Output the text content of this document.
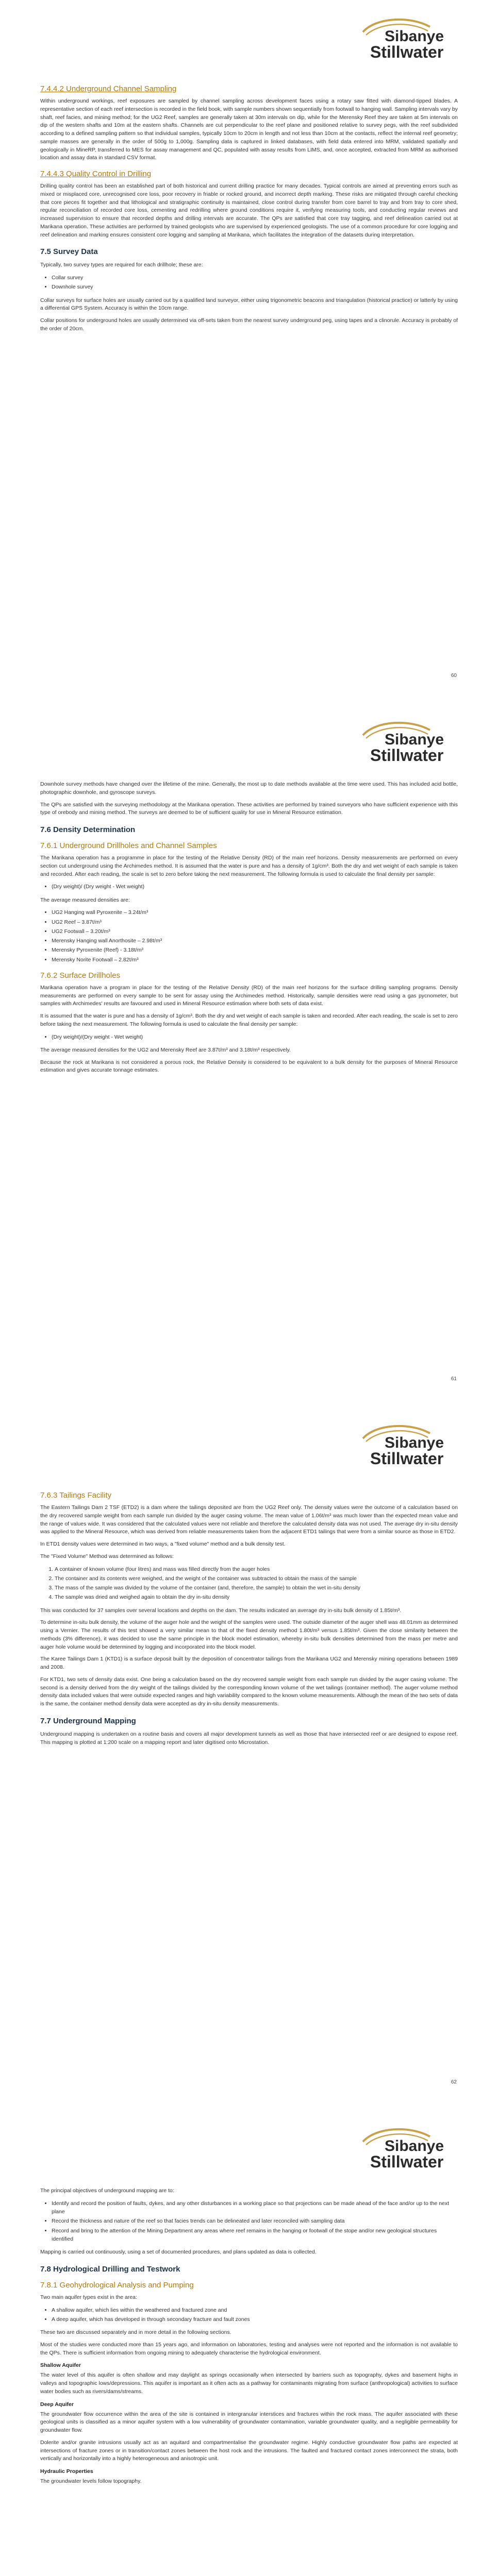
Sibanye
Stillwater
7.4.4.2 Underground Channel Sampling

Within underground workings, reef exposures are sampled by channel sampling across development faces using a rotary saw fitted with diamond-tipped blades. A representative section of each reef intersection is recorded in the field book, with sample numbers shown sequentially from footwall to hanging wall. Sampling intervals vary by shaft, reef facies, and mining method; for the UG2 Reef, samples are generally taken at 30m intervals on dip, while for the Merensky Reef they are taken at 5m intervals on dip of the western shafts and 10m at the eastern shafts. Channels are cut perpendicular to the reef plane and positioned relative to survey pegs, with the reef subdivided according to a defined sampling pattern so that individual samples, typically 10cm to 20cm in length and not less than 10cm at the contacts, reflect the internal reef geometry; sample masses are generally in the order of 500g to 1,000g. Sampling data is captured in linked databases, with field data entered into MRM, validated spatially and geologically in MineRP, transferred to MES for assay management and QC, populated with assay results from LIMS, and, once accepted, extracted from MRM as authorised location and assay data in standard CSV format.

7.4.4.3 Quality Control in Drilling

Drilling quality control has been an established part of both historical and current drilling practice for many decades. Typical controls are aimed at preventing errors such as mixed or misplaced core, unrecognised core loss, poor recovery in friable or rocked ground, and incorrect depth marking. These risks are mitigated through careful checking that core pieces fit together and that lithological and stratigraphic continuity is maintained, close control during transfer from core barrel to tray and from tray to core shed, regular reconciliation of recorded core loss, cementing and redrilling where ground conditions require it, verifying measuring tools, and conducting regular reviews and increased supervision to ensure that recorded depths and drilling intervals are accurate. The QPs are satisfied that core tray tagging, and reef delineation carried out at Marikana operation. These activities are performed by trained geologists who are supervised by experienced geologists. The use of a common procedure for core logging and reef delineation and marking ensures consistent core logging and sampling at Marikana, which facilitates the integration of the datasets during interpretation.

7.5 Survey Data

Typically, two survey types are required for each drillhole; these are:

• Collar survey
• Downhole survey

Collar surveys for surface holes are usually carried out by a qualified land surveyor, either using trigonometric beacons and triangulation (historical practice) or latterly by using a differential GPS System. Accuracy is within the 10cm range.

Collar positions for underground holes are usually determined via off-sets taken from the nearest survey underground peg, using tapes and a clinorule. Accuracy is probably of the order of 20cm.

60
Sibanye
Stillwater

Downhole survey methods have changed over the lifetime of the mine. Generally, the most up to date methods available at the time were used. This has included acid bottle, photographic downhole, and gyroscope surveys.

The QPs are satisfied with the surveying methodology at the Marikana operation. These activities are performed by trained surveyors who have sufficient experience with this type of orebody and mining method. The surveys are deemed to be of sufficient quality for use in Mineral Resource estimation.

7.6 Density Determination
7.6.1 Underground Drillholes and Channel Samples

The Marikana operation has a programme in place for the testing of the Relative Density (RD) of the main reef horizons. Density measurements are performed on every section cut underground using the Archimedes method. It is assumed that the water is pure and has a density of 1g/cm³. Both the dry and wet weight of each sample is taken and recorded. After each reading, the scale is set to zero before taking the next measurement. The following formula is used to calculate the final density per sample:

• (Dry weight)/ (Dry weight - Wet weight)

The average measured densities are:

• UG2 Hanging wall Pyroxenite – 3.24t/m³
• UG2 Reef – 3.87t/m³
• UG2 Footwall – 3.20t/m³
• Merensky Hanging wall Anorthosite – 2.98t/m³
• Merensky Pyroxenite (Reef) - 3.18t/m³
• Merensky Norite Footwall – 2.82t/m³
7.6.2 Surface Drillholes

Marikana operation have a program in place for the testing of the Relative Density (RD) of the main reef horizons for the surface drilling sampling programs. Density measurements are performed on every sample to be sent for assay using the Archimedes method. Historically, sample densities were read using a gas pycnometer, but samples with Archimedes' results are favoured and used in Mineral Resource estimation where both sets of data exist.

It is assumed that the water is pure and has a density of 1g/cm³. Both the dry and wet weight of each sample is taken and recorded. After each reading, the scale is set to zero before taking the next measurement. The following formula is used to calculate the final density per sample:

• (Dry weight)/(Dry weight - Wet weight)

The average measured densities for the UG2 and Merensky Reef are 3.87t/m³ and 3.18t/m³ respectively.

Because the rock at Marikana is not considered a porous rock, the Relative Density is considered to be equivalent to a bulk density for the purposes of Mineral Resource estimation and gives accurate tonnage estimates.

61
Sibanye
Stillwater
7.6.3 Tailings Facility

The Eastern Tailings Dam 2 TSF (ETD2) is a dam where the tailings deposited are from the UG2 Reef only. The density values were the outcome of a calculation based on the dry recovered sample weight from each sample run divided by the auger casing volume. The mean value of 1.06t/m³ was much lower than the expected mean value and the range of values wide. It was considered that the calculated values were not reliable and therefore the calculated density data was not used. The average dry in-situ density was applied to the Mineral Resource, which was derived from reliable measurements taken from the adjacent ETD1 tailings that were from a similar source as those in ETD2.

In ETD1 density values were determined in two ways, a "fixed volume" method and a bulk density test.

The "Fixed Volume" Method was determined as follows:

1. A container of known volume (four litres) and mass was filled directly from the auger holes
2. The container and its contents were weighed, and the weight of the container was subtracted to obtain the mass of the sample
3. The mass of the sample was divided by the volume of the container (and, therefore, the sample) to obtain the wet in-situ density
4. The sample was dried and weighed again to obtain the dry in-situ density

This was conducted for 37 samples over several locations and depths on the dam. The results indicated an average dry in-situ bulk density of 1.85t/m³.

To determine in-situ bulk density, the volume of the auger hole and the weight of the samples were used. The outside diameter of the auger shell was 48.01mm as determined using a Vernier. The results of this test showed a very similar mean to that of the fixed density method 1.80t/m³ versus 1.85t/m³. Given the close similarity between the methods (3% difference), it was decided to use the same principle in the block model estimation, whereby in-situ bulk densities determined from the mass per metre and auger hole volume would be determined by logging and incorporated into the block model.

The Karee Tailings Dam 1 (KTD1) is a surface deposit built by the deposition of concentrator tailings from the Marikana UG2 and Merensky mining operations between 1989 and 2008.

For KTD1, two sets of density data exist. One being a calculation based on the dry recovered sample weight from each sample run divided by the auger casing volume. The second is a density derived from the dry weight of the tailings divided by the corresponding known volume of the wet tailings (container method). The auger volume method density data included values that were outside expected ranges and high variability compared to the known volume measurements. Although the mean of the two sets of data is the same, the container method density data were accepted as dry in-situ density measurements.

7.7 Underground Mapping

Underground mapping is undertaken on a routine basis and covers all major development tunnels as well as those that have intersected reef or are designed to expose reef. This mapping is plotted at 1:200 scale on a mapping report and later digitised onto Microstation.

62
Sibanye
Stillwater

The principal objectives of underground mapping are to:

• Identify and record the position of faults, dykes, and any other disturbances in a working place so that projections can be made ahead of the face and/or up to the next plane
• Record the thickness and nature of the reef so that facies trends can be delineated and later reconciled with sampling data
• Record and bring to the attention of the Mining Department any areas where reef remains in the hanging or footwall of the stope and/or new geological structures identified

Mapping is carried out continuously, using a set of documented procedures, and plans updated as data is collected.

7.8 Hydrological Drilling and Testwork
7.8.1 Geohydrological Analysis and Pumping

Two main aquifer types exist in the area:

• A shallow aquifer, which lies within the weathered and fractured zone and
• A deep aquifer, which has developed in through secondary fracture and fault zones

These two are discussed separately and in more detail in the following sections.

Most of the studies were conducted more than 15 years ago, and information on laboratories, testing and analyses were not reported and the information is not available to the QPs. There is sufficient information from ongoing mining to adequately characterise the hydrological environment.

Shallow Aquifer

The water level of this aquifer is often shallow and may daylight as springs occasionally when intersected by barriers such as topography, dykes and basement highs in valleys and topographic lows/depressions. This aquifer is important as it often acts as a pathway for contaminants migrating from surface (anthropological) activities to surface water bodies such as rivers/dams/streams.

Deep Aquifer

The groundwater flow occurrence within the area of the site is contained in intergranular interstices and fractures within the rock mass. The aquifer associated with these geological units is classified as a minor aquifer system with a low vulnerability of groundwater contamination, variable groundwater quality, and a negligible permeability for groundwater flow.

Dolerite and/or granite intrusions usually act as an aquitard and compartmentalise the groundwater regime. Highly conductive groundwater flow paths are expected at intersections of fracture zones or in transition/contact zones between the host rock and the intrusions. The faulted and fractured contact zones interconnect the strata, both vertically and horizontally into a highly heterogeneous and anisotropic unit.

Hydraulic Properties

The groundwater levels follow topography.
